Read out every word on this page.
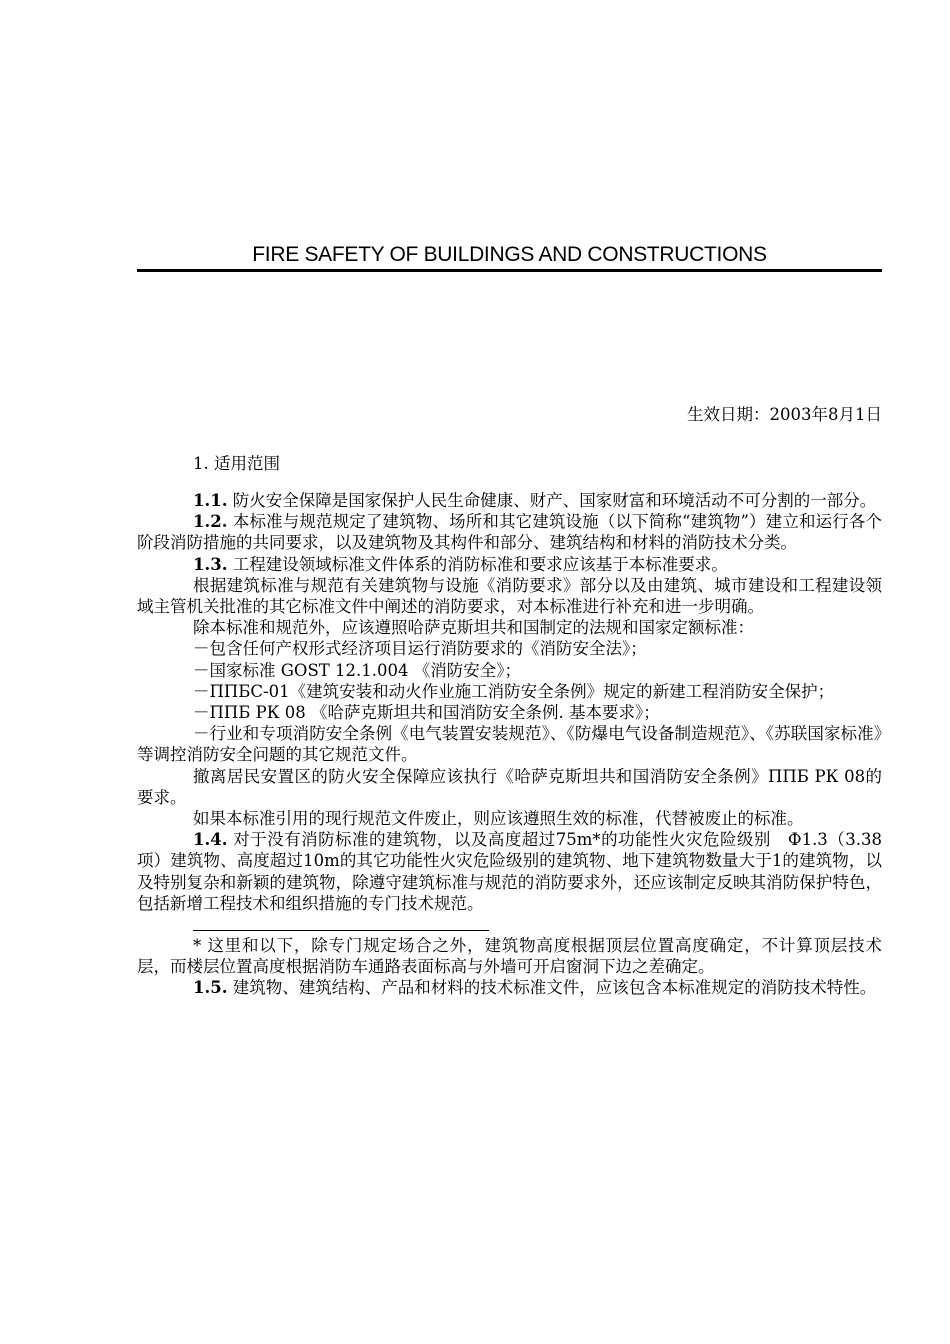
FIRE SAFETY OF BUILDINGS AND CONSTRUCTIONS
生效日期：2003年8月1日
1. 适用范围

1.1. 防火安全保障是国家保护人民生命健康、财产、国家财富和环境活动不可分割的一部分。

1.2. 本标准与规范规定了建筑物、场所和其它建筑设施（以下简称“建筑物”）建立和运行各个阶段消防措施的共同要求，以及建筑物及其构件和部分、建筑结构和材料的消防技术分类。

1.3. 工程建设领域标准文件体系的消防标准和要求应该基于本标准要求。

根据建筑标准与规范有关建筑物与设施《消防要求》部分以及由建筑、城市建设和工程建设领域主管机关批准的其它标准文件中阐述的消防要求，对本标准进行补充和进一步明确。

除本标准和规范外，应该遵照哈萨克斯坦共和国制定的法规和国家定额标准：

－包含任何产权形式经济项目运行消防要求的《消防安全法》；

－国家标准 GOST 12.1.004 《消防安全》；

－ППБС-01《建筑安装和动火作业施工消防安全条例》规定的新建工程消防安全保护；

－ППБ РК 08 《哈萨克斯坦共和国消防安全条例. 基本要求》；

－行业和专项消防安全条例《电气装置安装规范》、《防爆电气设备制造规范》、《苏联国家标准》等调控消防安全问题的其它规范文件。

撤离居民安置区的防火安全保障应该执行《哈萨克斯坦共和国消防安全条例》ППБ РК 08的要求。

如果本标准引用的现行规范文件废止，则应该遵照生效的标准，代替被废止的标准。

1.4. 对于没有消防标准的建筑物，以及高度超过75m*的功能性火灾危险级别　Ф1.3（3.38项）建筑物、高度超过10m的其它功能性火灾危险级别的建筑物、地下建筑物数量大于1的建筑物，以及特别复杂和新颖的建筑物，除遵守建筑标准与规范的消防要求外，还应该制定反映其消防保护特色，包括新增工程技术和组织措施的专门技术规范。

* 这里和以下，除专门规定场合之外，建筑物高度根据顶层位置高度确定，不计算顶层技术层，而楼层位置高度根据消防车通路表面标高与外墙可开启窗洞下边之差确定。

1.5. 建筑物、建筑结构、产品和材料的技术标准文件，应该包含本标准规定的消防技术特性。
